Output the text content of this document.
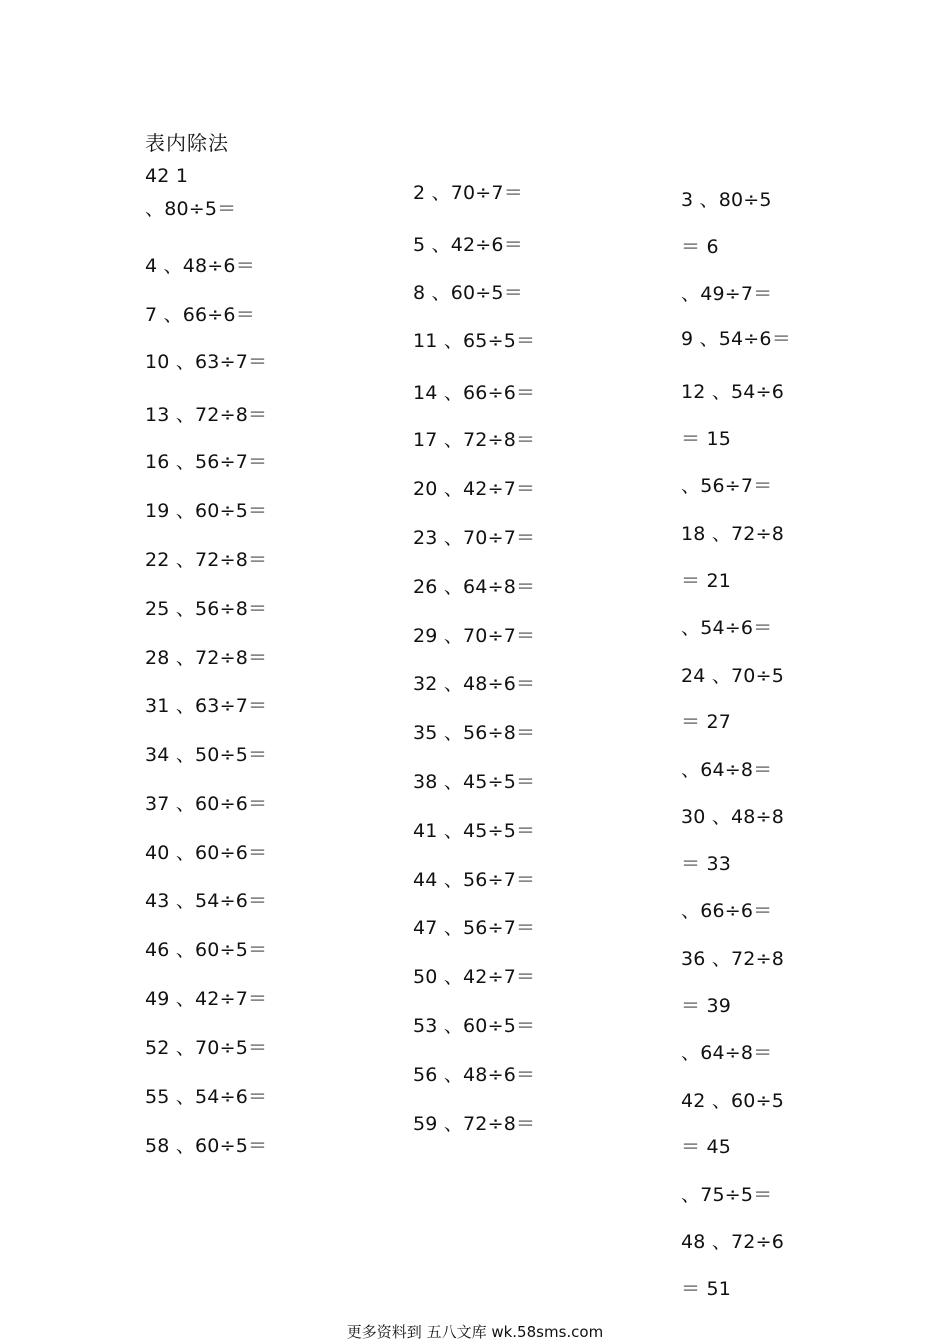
表内除法
42 1
、80÷5＝
4 、48÷6＝
7 、66÷6＝
10 、63÷7＝
13 、72÷8＝
16 、56÷7＝
19 、60÷5＝
22 、72÷8＝
25 、56÷8＝
28 、72÷8＝
31 、63÷7＝
34 、50÷5＝
37 、60÷6＝
40 、60÷6＝
43 、54÷6＝
46 、60÷5＝
49 、42÷7＝
52 、70÷5＝
55 、54÷6＝
58 、60÷5＝
2 、70÷7＝
5 、42÷6＝
8 、60÷5＝
11 、65÷5＝
14 、66÷6＝
17 、72÷8＝
20 、42÷7＝
23 、70÷7＝
26 、64÷8＝
29 、70÷7＝
32 、48÷6＝
35 、56÷8＝
38 、45÷5＝
41 、45÷5＝
44 、56÷7＝
47 、56÷7＝
50 、42÷7＝
53 、60÷5＝
56 、48÷6＝
59 、72÷8＝
3 、80÷5
＝ 6
、49÷7＝
9 、54÷6＝
12 、54÷6
＝ 15
、56÷7＝
18 、72÷8
＝ 21
、54÷6＝
24 、70÷5
＝ 27
、64÷8＝
30 、48÷8
＝ 33
、66÷6＝
36 、72÷8
＝ 39
、64÷8＝
42 、60÷5
＝ 45
、75÷5＝
48 、72÷6
＝ 51
更多资料到 五八文库 wk.58sms.com
